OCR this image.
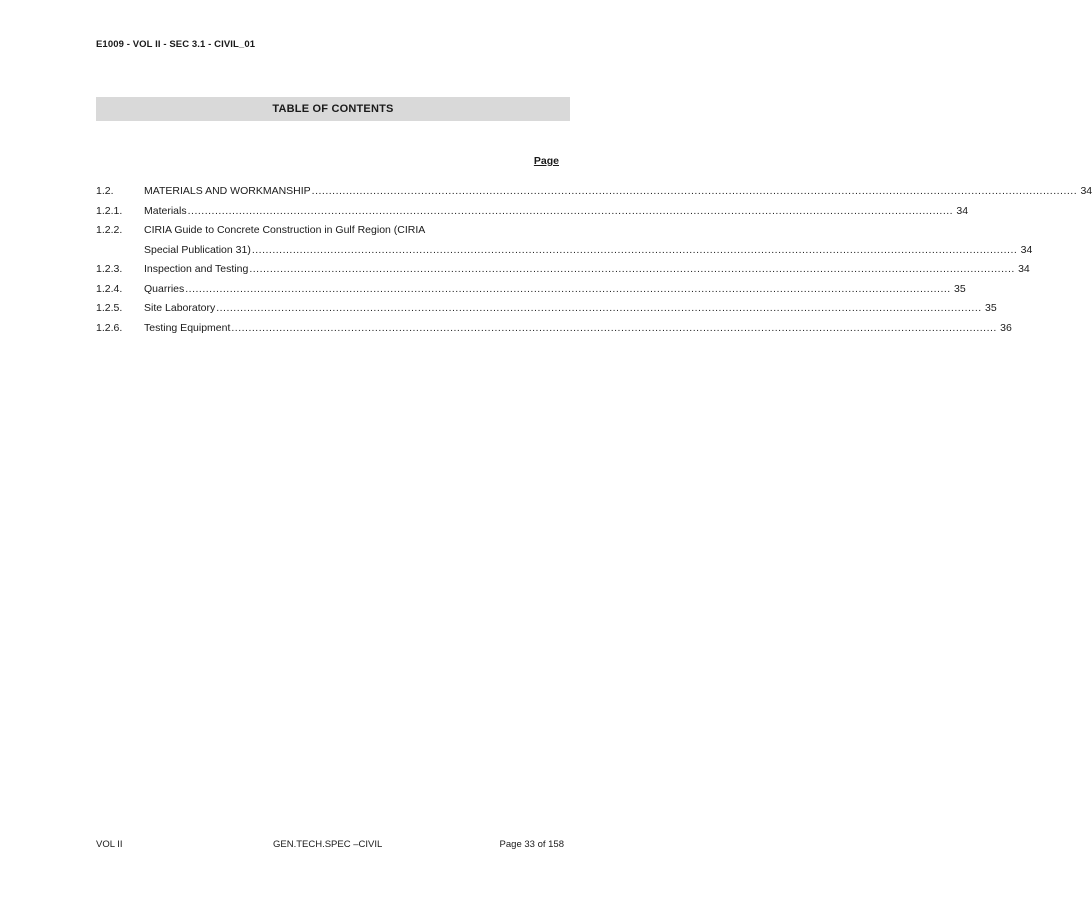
E1009 - VOL II - SEC 3.1 - CIVIL_01
TABLE OF CONTENTS
Page
1.2.	MATERIALS AND WORKMANSHIP .....	34
1.2.1.	Materials .....	34
1.2.2.	CIRIA Guide to Concrete Construction in Gulf Region (CIRIA
Special Publication 31) .....	34
1.2.3.	Inspection and Testing .....	34
1.2.4.	Quarries .....	35
1.2.5.	Site Laboratory .....	35
1.2.6.	Testing Equipment .....	36
VOL II	GEN.TECH.SPEC –CIVIL	Page 33 of 158
